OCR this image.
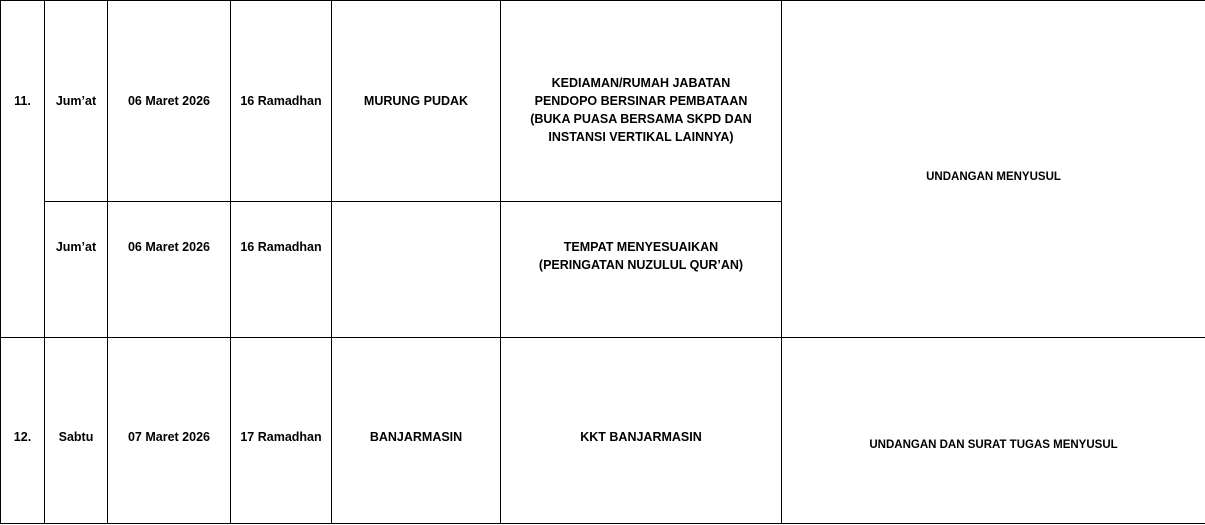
11.	Jum’at	06 Maret 2026	16 Ramadhan	MURUNG PUDAK	KEDIAMAN/RUMAH JABATAN
PENDOPO BERSINAR PEMBATAAN
(BUKA PUASA BERSAMA SKPD DAN
INSTANSI VERTIKAL LAINNYA)	UNDANGAN MENYUSUL

	Jum’at	06 Maret 2026	16 Ramadhan		TEMPAT MENYESUAIKAN
(PERINGATAN NUZULUL QUR’AN)	

12.	Sabtu	07 Maret 2026	17 Ramadhan	BANJARMASIN	KKT BANJARMASIN	UNDANGAN DAN SURAT TUGAS MENYUSUL
